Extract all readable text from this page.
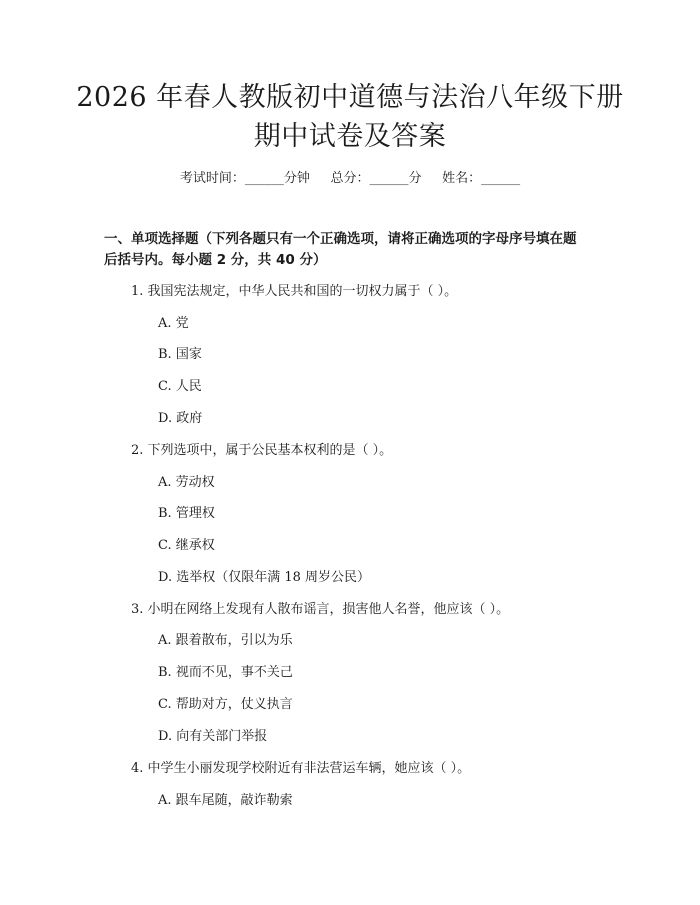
2026 年春人教版初中道德与法治八年级下册
期中试卷及答案
考试时间：______分钟     总分：______分     姓名：______
一、单项选择题（下列各题只有一个正确选项，请将正确选项的字母序号填在题
后括号内。每小题 2 分，共 40 分）
1. 我国宪法规定，中华人民共和国的一切权力属于（ ）。
A. 党
B. 国家
C. 人民
D. 政府
2. 下列选项中，属于公民基本权利的是（ ）。
A. 劳动权
B. 管理权
C. 继承权
D. 选举权（仅限年满 18 周岁公民）
3. 小明在网络上发现有人散布谣言，损害他人名誉，他应该（ ）。
A. 跟着散布，引以为乐
B. 视而不见，事不关己
C. 帮助对方，仗义执言
D. 向有关部门举报
4. 中学生小丽发现学校附近有非法营运车辆，她应该（ ）。
A. 跟车尾随，敲诈勒索
